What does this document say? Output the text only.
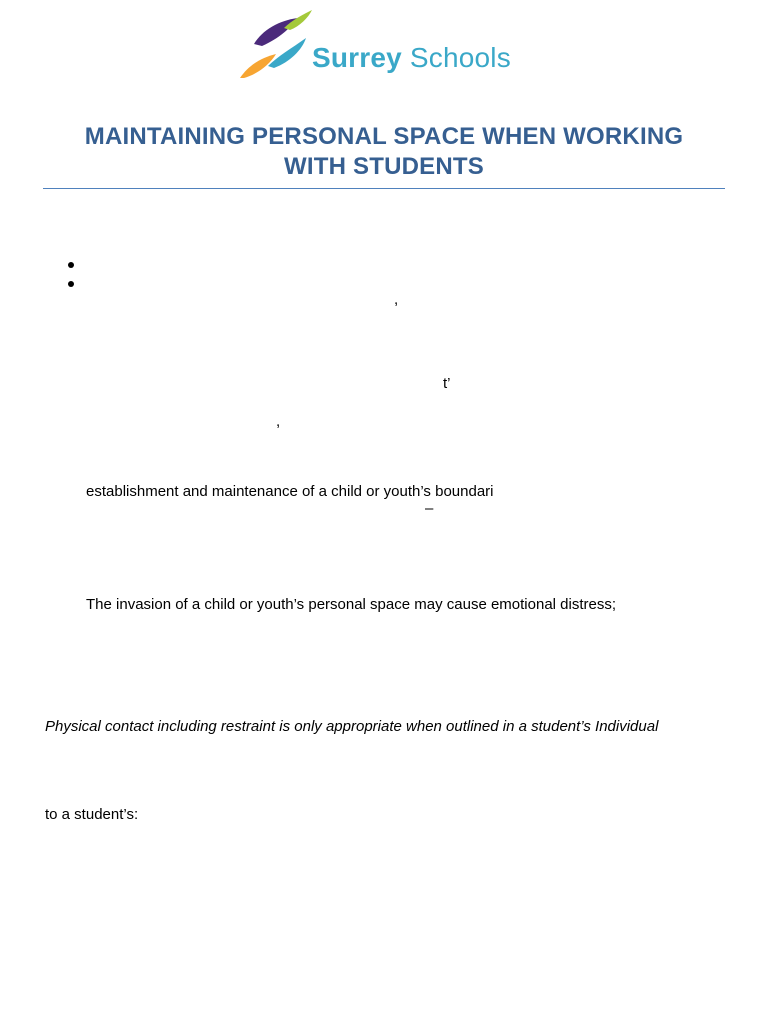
Surrey Schools
MAINTAINING PERSONAL SPACE WHEN WORKING
WITH STUDENTS
,
t’
,
establishment and maintenance of a child or youth’s boundari
–
The invasion of a child or youth’s personal space may cause emotional distress;
Physical contact including restraint is only appropriate when outlined in a student’s Individual
to a student’s:
